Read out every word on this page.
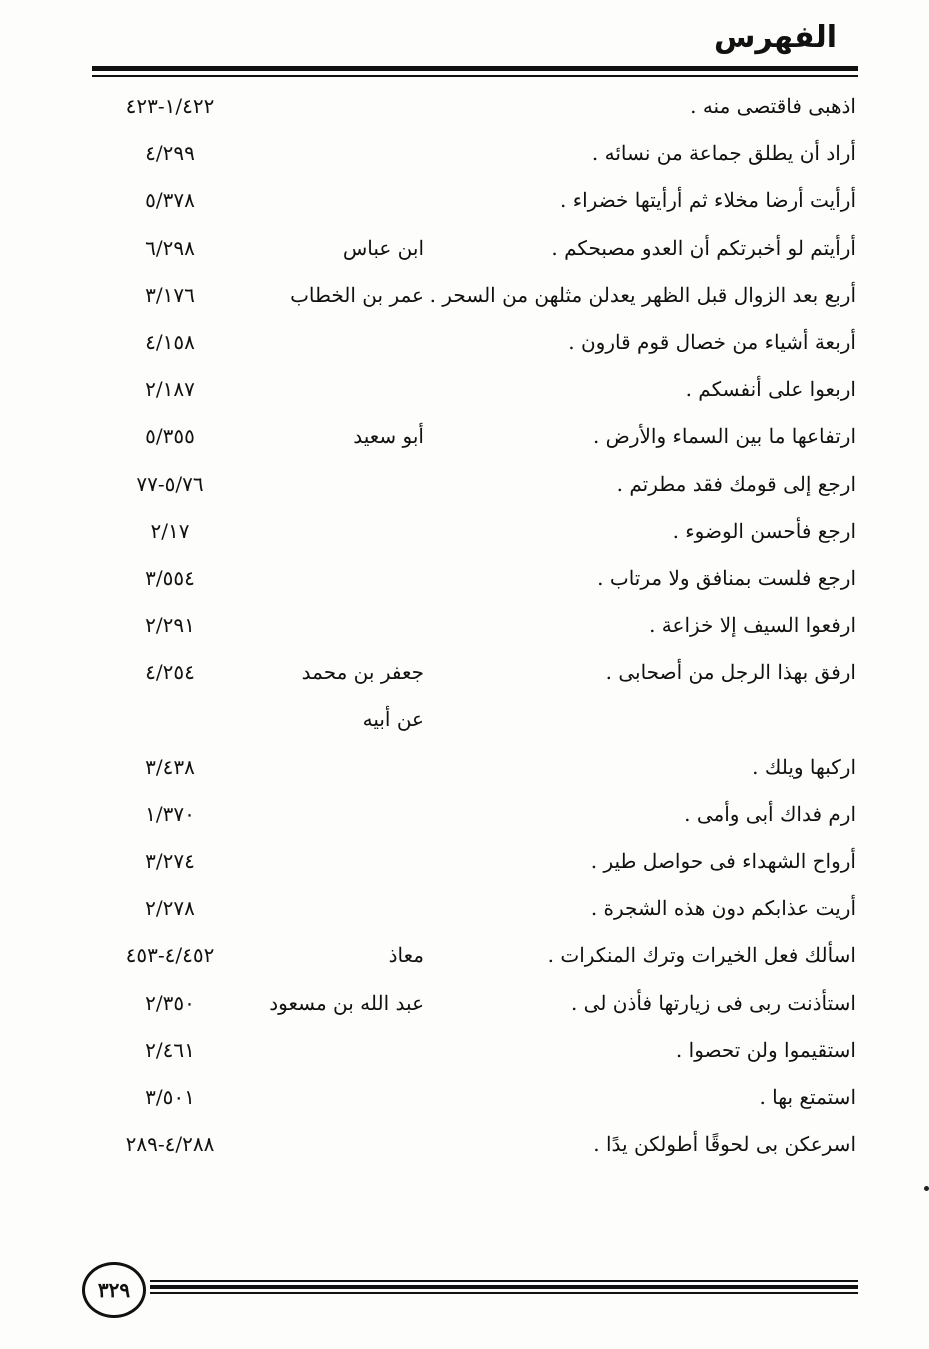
الفهرس
اذهبى فاقتصى منه .
١/٤٢٢-٤٢٣
أراد أن يطلق جماعة من نسائه .
٤/٢٩٩
أرأيت أرضا مخلاء ثم أرأيتها خضراء .
٥/٣٧٨
أرأيتم لو أخبرتكم أن العدو مصبحكم .
ابن عباس
٦/٢٩٨
أربع بعد الزوال قبل الظهر يعدلن مثلهن من السحر .
عمر بن الخطاب
٣/١٧٦
أربعة أشياء من خصال قوم قارون .
٤/١٥٨
اربعوا على أنفسكم .
٢/١٨٧
ارتفاعها ما بين السماء والأرض .
أبو سعيد
٥/٣٥٥
ارجع إلى قومك فقد مطرتم .
٥/٧٦-٧٧
ارجع فأحسن الوضوء .
٢/١٧
ارجع فلست بمنافق ولا مرتاب .
٣/٥٥٤
ارفعوا السيف إلا خزاعة .
٢/٢٩١
ارفق بهذا الرجل من أصحابى .
جعفر بن محمد
٤/٢٥٤
عن أبيه
اركبها ويلك .
٣/٤٣٨
ارم فداك أبى وأمى .
١/٣٧٠
أرواح الشهداء فى حواصل طير .
٣/٢٧٤
أريت عذابكم دون هذه الشجرة .
٢/٢٧٨
اسألك فعل الخيرات وترك المنكرات .
معاذ
٤/٤٥٢-٤٥٣
استأذنت ربى فى زيارتها فأذن لى .
عبد الله بن مسعود
٢/٣٥٠
استقيموا ولن تحصوا .
٢/٤٦١
استمتع بها .
٣/٥٠١
اسرعكن بى لحوقًا أطولكن يدًا .
٤/٢٨٨-٢٨٩
٣٢٩
